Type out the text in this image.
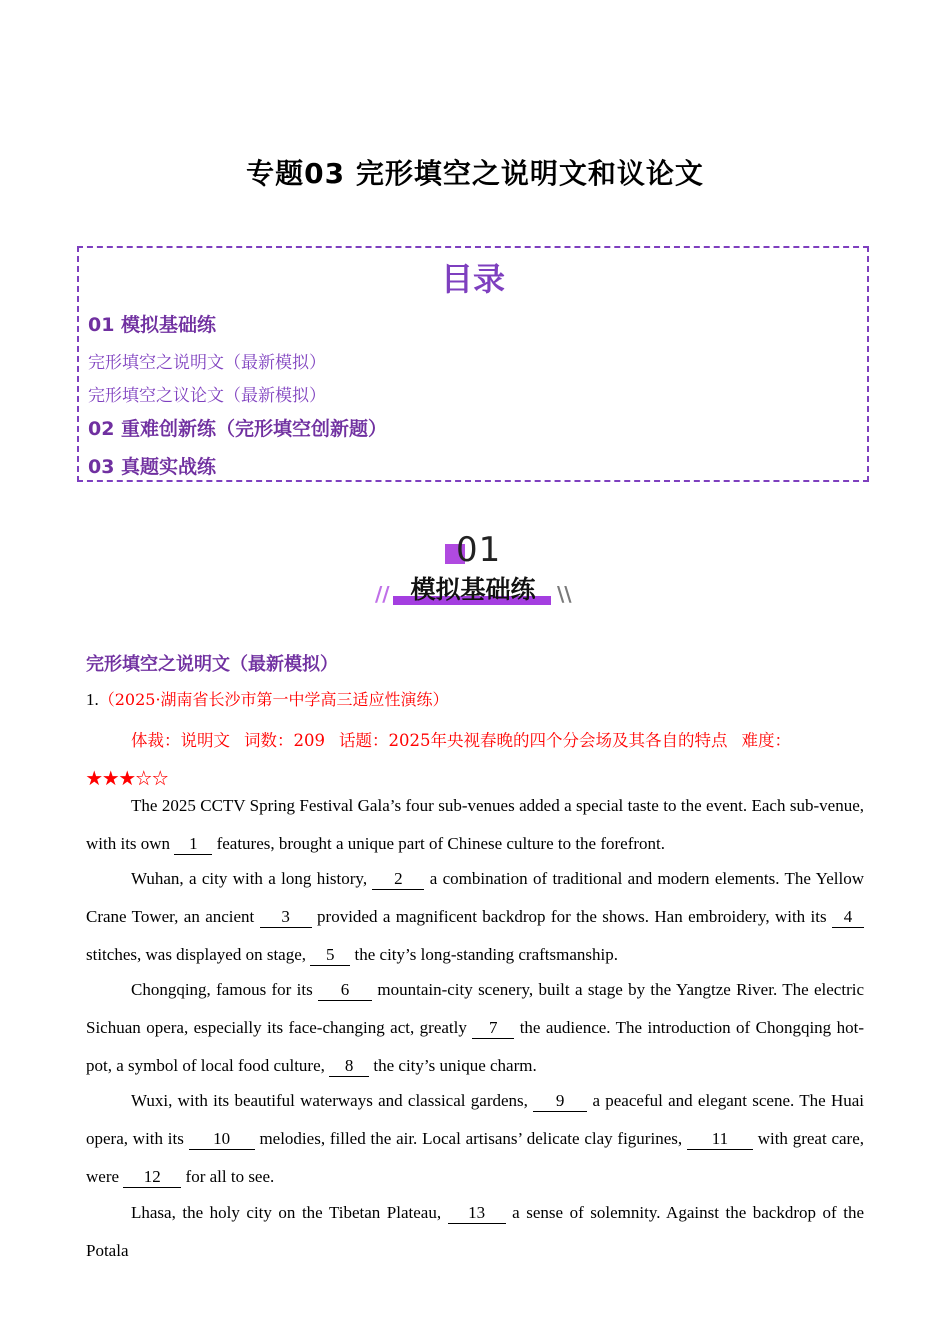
专题03 完形填空之说明文和议论文
目录
01 模拟基础练
完形填空之说明文（最新模拟）
完形填空之议论文（最新模拟）
02 重难创新练（完形填空创新题）
03 真题实战练
01
模拟基础练
//	\\
完形填空之说明文（最新模拟）
1.（2025·湖南省长沙市第一中学高三适应性演练）
体裁：说明文 词数：209 话题：2025年央视春晚的四个分会场及其各自的特点 难度：★★★☆☆
The 2025 CCTV Spring Festival Gala’s four sub-venues added a special taste to the event. Each sub-venue, with its own 1 features, brought a unique part of Chinese culture to the forefront.
Wuhan, a city with a long history, 2 a combination of traditional and modern elements. The Yellow Crane Tower, an ancient 3 provided a magnificent backdrop for the shows. Han embroidery, with its 4 stitches, was displayed on stage, 5 the city’s long-standing craftsmanship.
Chongqing, famous for its 6 mountain-city scenery, built a stage by the Yangtze River. The electric Sichuan opera, especially its face-changing act, greatly 7 the audience. The introduction of Chongqing hot-pot, a symbol of local food culture, 8 the city’s unique charm.
Wuxi, with its beautiful waterways and classical gardens, 9 a peaceful and elegant scene. The Huai opera, with its 10 melodies, filled the air. Local artisans’ delicate clay figurines, 11 with great care, were 12 for all to see.
Lhasa, the holy city on the Tibetan Plateau, 13 a sense of solemnity. Against the backdrop of the Potala
